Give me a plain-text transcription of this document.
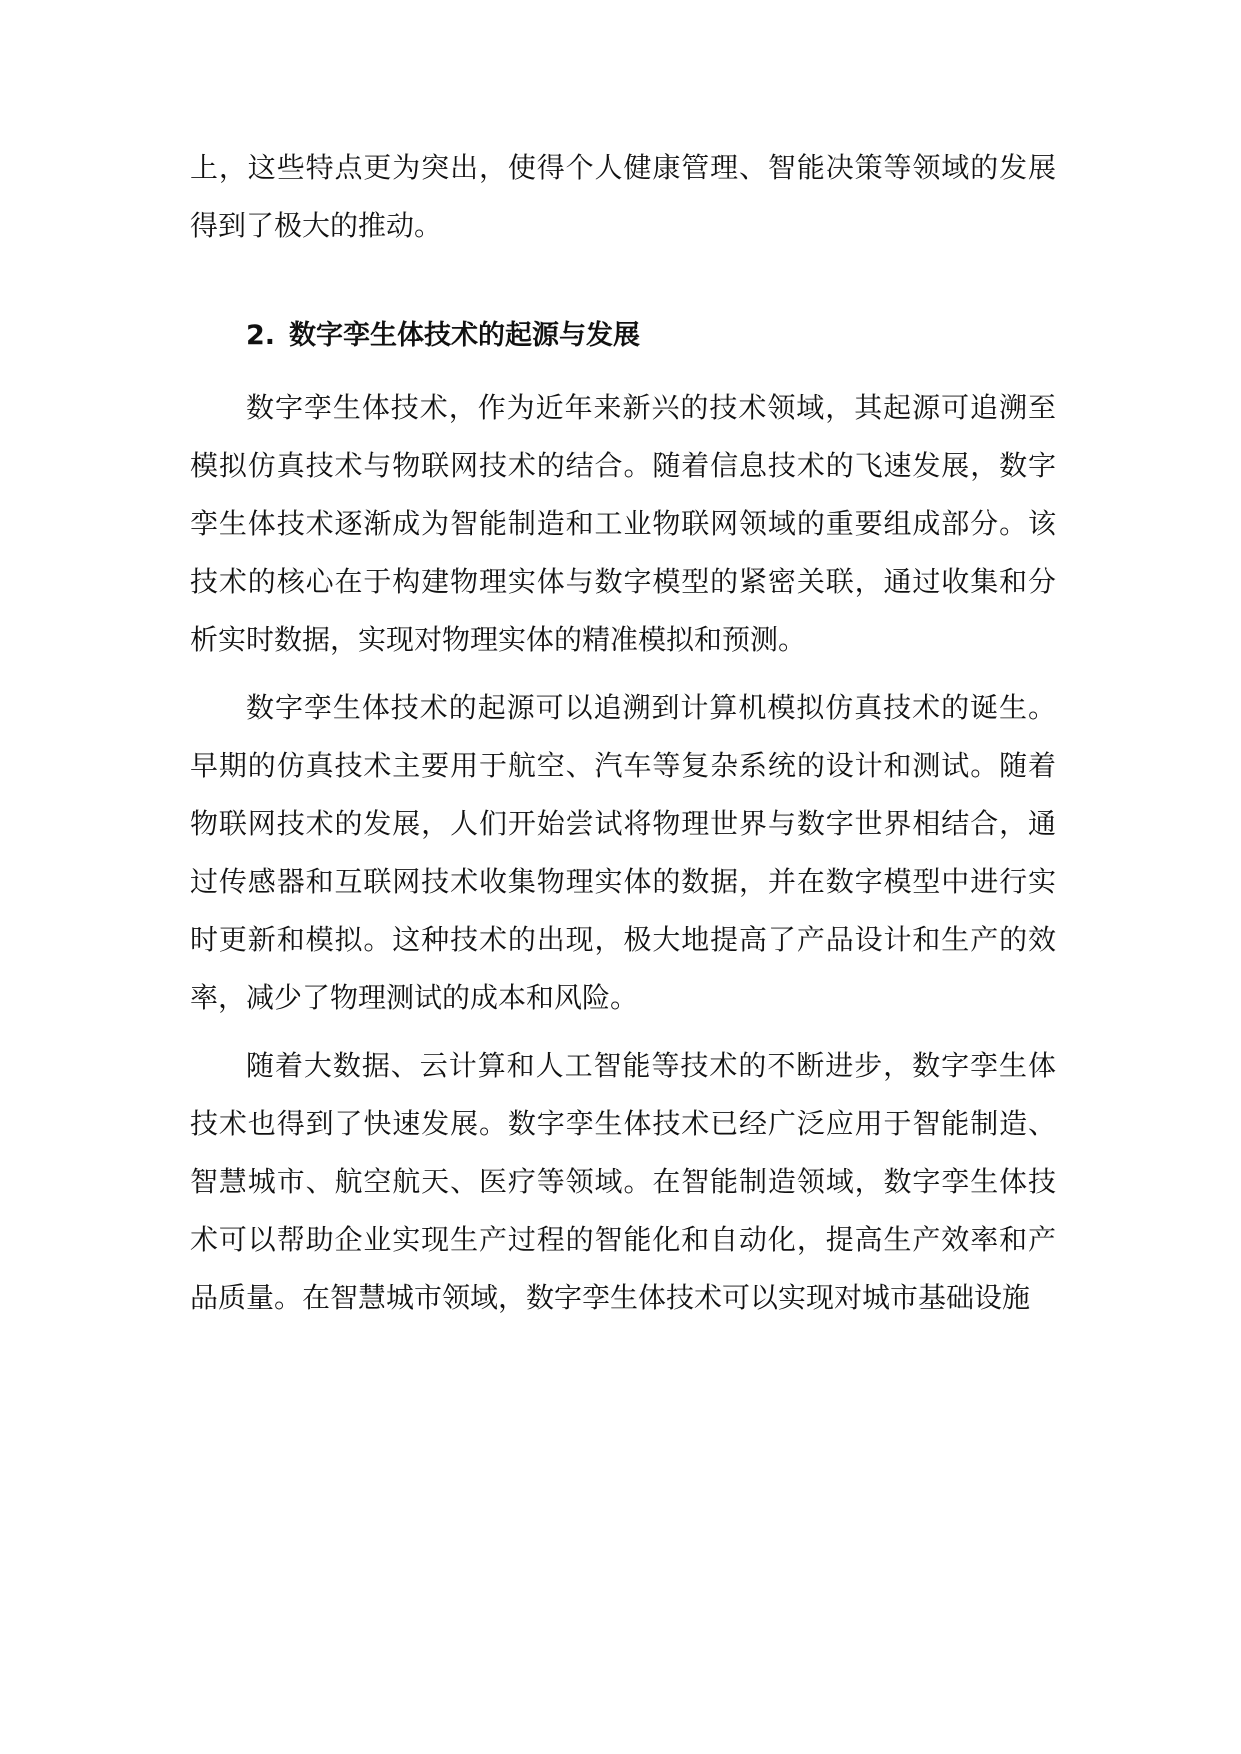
上，这些特点更为突出，使得个人健康管理、智能决策等领域的发展得到了极大的推动。

2. 数字孪生体技术的起源与发展

数字孪生体技术，作为近年来新兴的技术领域，其起源可追溯至模拟仿真技术与物联网技术的结合。随着信息技术的飞速发展，数字孪生体技术逐渐成为智能制造和工业物联网领域的重要组成部分。该技术的核心在于构建物理实体与数字模型的紧密关联，通过收集和分析实时数据，实现对物理实体的精准模拟和预测。

数字孪生体技术的起源可以追溯到计算机模拟仿真技术的诞生。早期的仿真技术主要用于航空、汽车等复杂系统的设计和测试。随着物联网技术的发展，人们开始尝试将物理世界与数字世界相结合，通过传感器和互联网技术收集物理实体的数据，并在数字模型中进行实时更新和模拟。这种技术的出现，极大地提高了产品设计和生产的效率，减少了物理测试的成本和风险。

随着大数据、云计算和人工智能等技术的不断进步，数字孪生体技术也得到了快速发展。数字孪生体技术已经广泛应用于智能制造、智慧城市、航空航天、医疗等领域。在智能制造领域，数字孪生体技术可以帮助企业实现生产过程的智能化和自动化，提高生产效率和产品质量。在智慧城市领域，数字孪生体技术可以实现对城市基础设施
